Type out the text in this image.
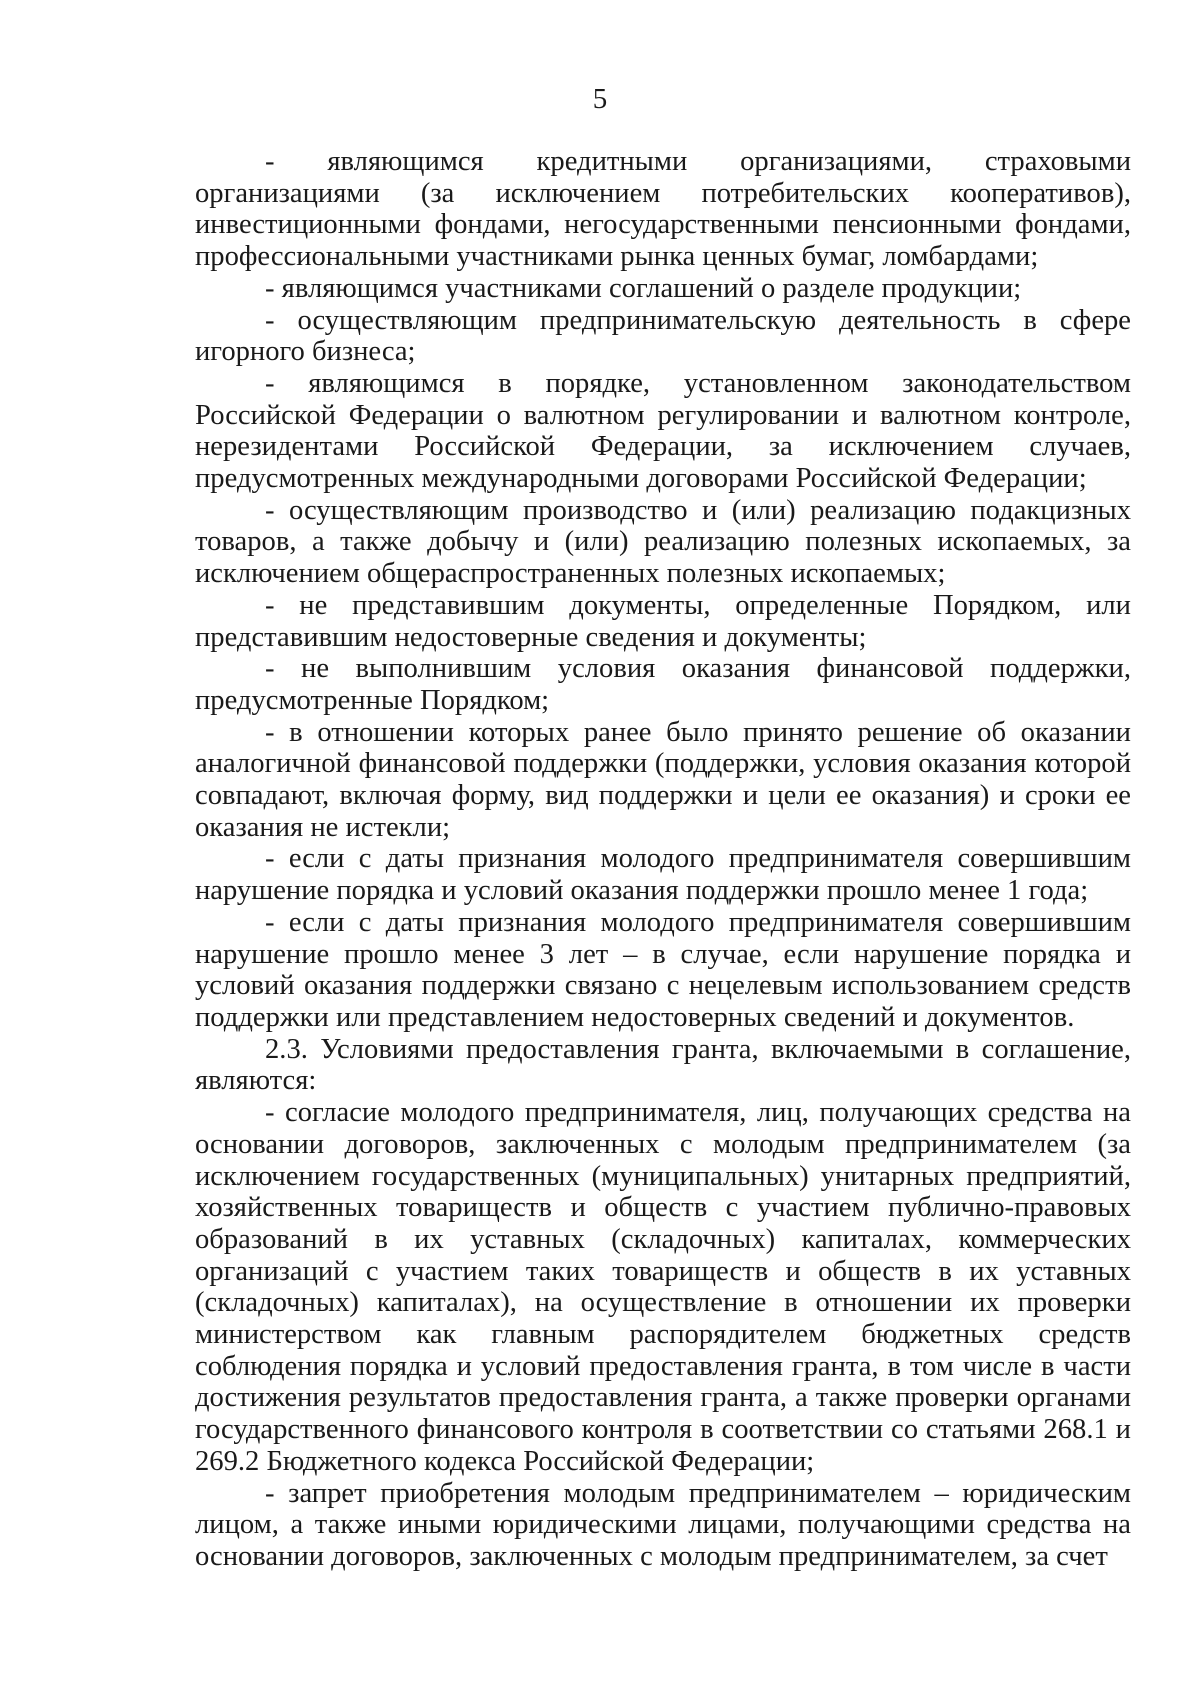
5

- являющимся кредитными организациями, страховыми организациями (за исключением потребительских кооперативов), инвестиционными фондами, негосударственными пенсионными фондами, профессиональными участниками рынка ценных бумаг, ломбардами;

- являющимся участниками соглашений о разделе продукции;

- осуществляющим предпринимательскую деятельность в сфере игорного бизнеса;

- являющимся в порядке, установленном законодательством Российской Федерации о валютном регулировании и валютном контроле, нерезидентами Российской Федерации, за исключением случаев, предусмотренных международными договорами Российской Федерации;

- осуществляющим производство и (или) реализацию подакцизных товаров, а также добычу и (или) реализацию полезных ископаемых, за исключением общераспространенных полезных ископаемых;

- не представившим документы, определенные Порядком, или представившим недостоверные сведения и документы;

- не выполнившим условия оказания финансовой поддержки, предусмотренные Порядком;

- в отношении которых ранее было принято решение об оказании аналогичной финансовой поддержки (поддержки, условия оказания которой совпадают, включая форму, вид поддержки и цели ее оказания) и сроки ее оказания не истекли;

- если с даты признания молодого предпринимателя совершившим нарушение порядка и условий оказания поддержки прошло менее 1 года;

- если с даты признания молодого предпринимателя совершившим нарушение прошло менее 3 лет – в случае, если нарушение порядка и условий оказания поддержки связано с нецелевым использованием средств поддержки или представлением недостоверных сведений и документов.

2.3. Условиями предоставления гранта, включаемыми в соглашение, являются:

- согласие молодого предпринимателя, лиц, получающих средства на основании договоров, заключенных с молодым предпринимателем (за исключением государственных (муниципальных) унитарных предприятий, хозяйственных товариществ и обществ с участием публично-правовых образований в их уставных (складочных) капиталах, коммерческих организаций с участием таких товариществ и обществ в их уставных (складочных) капиталах), на осуществление в отношении их проверки министерством как главным распорядителем бюджетных средств соблюдения порядка и условий предоставления гранта, в том числе в части достижения результатов предоставления гранта, а также проверки органами государственного финансового контроля в соответствии со статьями 268.1 и 269.2 Бюджетного кодекса Российской Федерации;

- запрет приобретения молодым предпринимателем – юридическим лицом, а также иными юридическими лицами, получающими средства на основании договоров, заключенных с молодым предпринимателем, за счет
